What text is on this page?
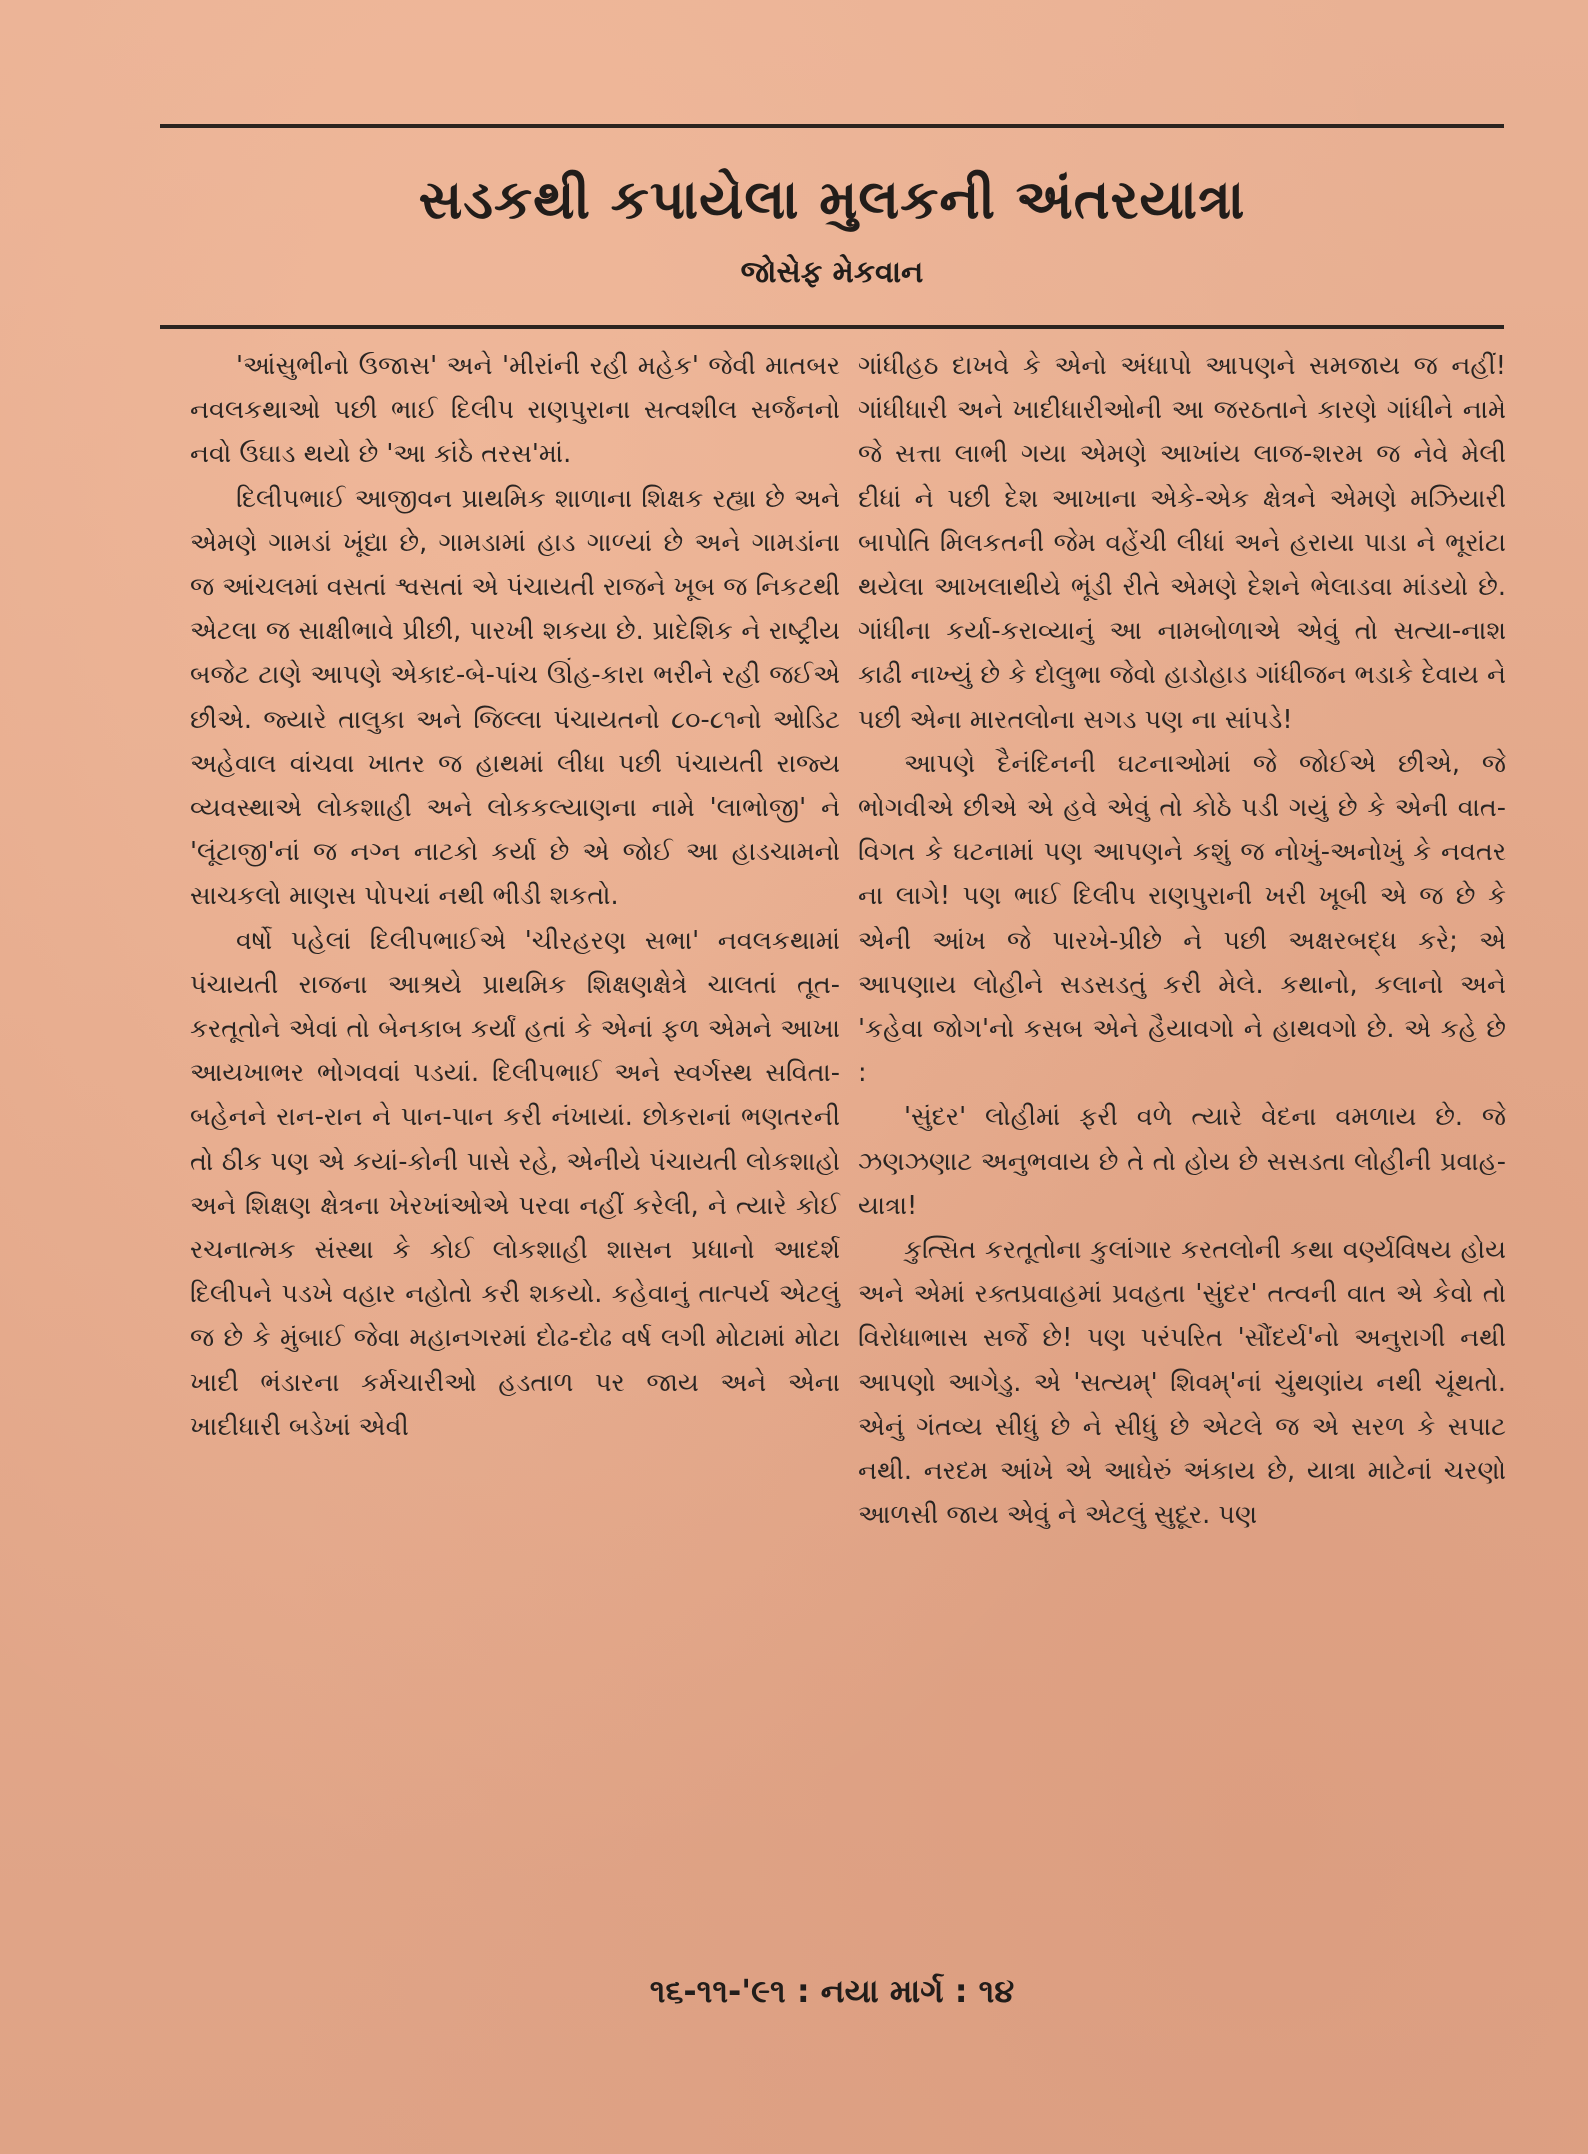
સડકથી કપાયેલા મુલકની અંતરયાત્રા
જોસેફ મેકવાન

'આંસુભીનો ઉજાસ' અને 'મીરાંની રહી મહેક' જેવી માતબર નવલકથાઓ પછી ભાઈ દિલીપ રાણપુરાના સત્વશીલ સર્જનનો નવો ઉઘાડ થયો છે 'આ કાંઠે તરસ'માં.

દિલીપભાઈ આજીવન પ્રાથમિક શાળાના શિક્ષક રહ્યા છે અને એમણે ગામડાં ખૂંદ્યા છે, ગામડામાં હાડ ગાળ્યાં છે અને ગામડાંના જ આંચલમાં વસતાં શ્વસતાં એ પંચાયતી રાજને ખૂબ જ નિકટથી એટલા જ સાક્ષીભાવે પ્રીછી, પારખી શકયા છે. પ્રાદેશિક ને રાષ્ટ્રીય બજેટ ટાણે આપણે એકાદ-બે-પાંચ ઊંહ-કારા ભરીને રહી જઈએ છીએ. જ્યારે તાલુકા અને જિલ્લા પંચાયતનો ૮૦-૮૧નો ઓડિટ અહેવાલ વાંચવા ખાતર જ હાથમાં લીધા પછી પંચાયતી રાજ્ય વ્યવસ્થાએ લોકશાહી અને લોકકલ્યાણના નામે 'લાભોજી' ને 'લૂંટાજી'નાં જ નગ્ન નાટકો કર્યા છે એ જોઈ આ હાડચામનો સાચકલો માણસ પોપચાં નથી ભીડી શકતો.

વર્ષો પહેલાં દિલીપભાઈએ 'ચીરહરણ સભા' નવલકથામાં પંચાયતી રાજના આશ્રયે પ્રાથમિક શિક્ષણક્ષેત્રે ચાલતાં તૂત-કરતૂતોને એવાં તો બેનકાબ કર્યાં હતાં કે એનાં ફળ એમને આખા આયખાભર ભોગવવાં પડયાં. દિલીપભાઈ અને સ્વર્ગસ્થ સવિતા-બહેનને રાન-રાન ને પાન-પાન કરી નંખાયાં. છોકરાનાં ભણતરની તો ઠીક પણ એ કયાં-કોની પાસે રહે, એનીયે પંચાયતી લોકશાહો અને શિક્ષણ ક્ષેત્રના ખેરખાંઓએ પરવા નહીં કરેલી, ને ત્યારે કોઈ રચનાત્મક સંસ્થા કે કોઈ લોકશાહી શાસન પ્રધાનો આદર્શ દિલીપને પડખે વહાર નહોતો કરી શકયો. કહેવાનું તાત્પર્ય એટલું જ છે કે મુંબાઈ જેવા મહાનગરમાં દોઢ-દોઢ વર્ષ લગી મોટામાં મોટા ખાદી ભંડારના કર્મચારીઓ હડતાળ પર જાય અને એના ખાદીધારી બડેખાં એવી

ગાંધીહઠ દાખવે કે એનો અંધાપો આપણને સમજાય જ નહીં! ગાંધીધારી અને ખાદીધારીઓની આ જરઠતાને કારણે ગાંધીને નામે જે સત્તા લાભી ગયા એમણે આખાંય લાજ-શરમ જ નેવે મેલી દીધાં ને પછી દેશ આખાના એકે-એક ક્ષેત્રને એમણે મઝિયારી બાપોતિ મિલકતની જેમ વહેંચી લીધાં અને હરાયા પાડા ને ભૂરાંટા થયેલા આખલાથીયે ભૂંડી રીતે એમણે દેશને ભેલાડવા માંડયો છે. ગાંધીના કર્યા-કરાવ્યાનું આ નામબોળાએ એવું તો સત્યા-નાશ કાઢી નાખ્યું છે કે દોલુભા જેવો હાડોહાડ ગાંધીજન ભડાકે દેવાય ને પછી એના મારતલોના સગડ પણ ના સાંપડે!

આપણે દૈનંદિનની ઘટનાઓમાં જે જોઈએ છીએ, જે ભોગવીએ છીએ એ હવે એવું તો કોઠે પડી ગયું છે કે એની વાત-વિગત કે ઘટનામાં પણ આપણને કશું જ નોખું-અનોખું કે નવતર ના લાગે! પણ ભાઈ દિલીપ રાણપુરાની ખરી ખૂબી એ જ છે કે એની આંખ જે પારખે-પ્રીછે ને પછી અક્ષરબદ્ધ કરે; એ આપણાય લોહીને સડસડતું કરી મેલે. કથાનો, કલાનો અને 'કહેવા જોગ'નો કસબ એને હૈયાવગો ને હાથવગો છે. એ કહે છે :

'સુંદર' લોહીમાં ફરી વળે ત્યારે વેદના વમળાય છે. જે ઝણઝણાટ અનુભવાય છે તે તો હોય છે સસડતા લોહીની પ્રવાહ-યાત્રા!

કુત્સિત કરતૂતોના કુલાંગાર કરતલોની કથા વર્ણ્યવિષય હોય અને એમાં રક્તપ્રવાહમાં પ્રવહતા 'સુંદર' તત્વની વાત એ કેવો તો વિરોધાભાસ સર્જે છે! પણ પરંપરિત 'સૌંદર્ય'નો અનુરાગી નથી આપણો આગેડુ. એ 'સત્યમ્' શિવમ્'નાં ચુંથણાંય નથી ચૂંથતો. એનું ગંતવ્ય સીધું છે ને સીધું છે એટલે જ એ સરળ કે સપાટ નથી. નરદમ આંખે એ આઘેરું અંકાય છે, યાત્રા માટેનાં ચરણો આળસી જાય એવું ને એટલું સુદૂર. પણ

૧૬-૧૧-'૯૧ : નયા માર્ગ : ૧૪
